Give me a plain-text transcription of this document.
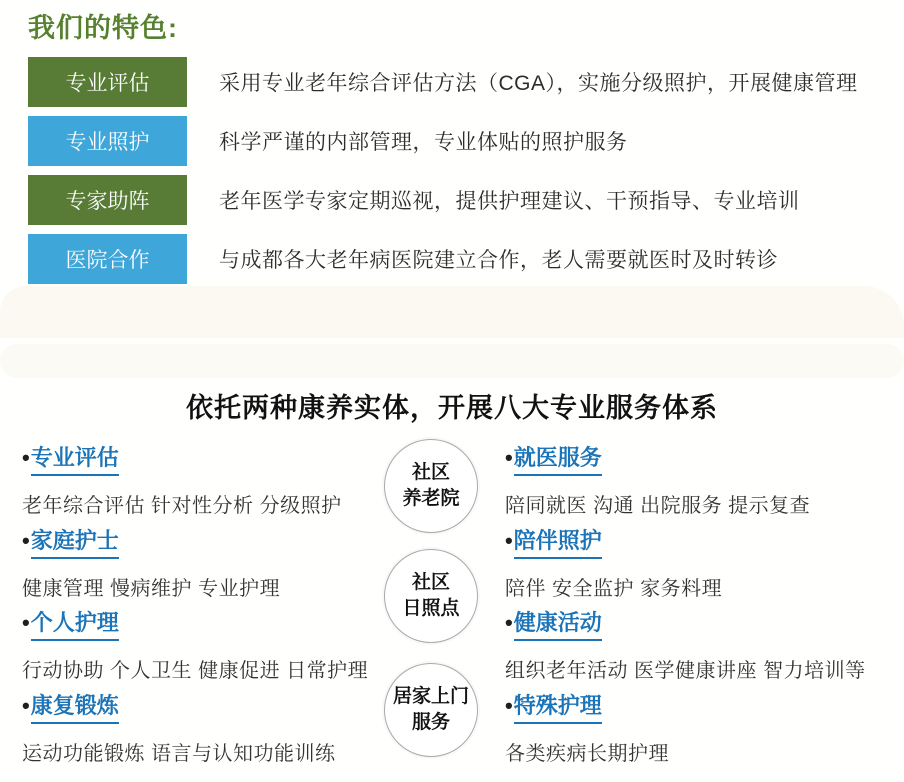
我们的特色:
专业评估	采用专业老年综合评估方法（CGA），实施分级照护，开展健康管理
专业照护	科学严谨的内部管理，专业体贴的照护服务
专家助阵	老年医学专家定期巡视，提供护理建议、干预指导、专业培训
医院合作	与成都各大老年病医院建立合作，老人需要就医时及时转诊
依托两种康养实体，开展八大专业服务体系
• 专业评估
老年综合评估 针对性分析 分级照护
• 家庭护士
健康管理 慢病维护 专业护理
• 个人护理
行动协助 个人卫生 健康促进 日常护理
• 康复锻炼
运动功能锻炼 语言与认知功能训练
社区
养老院
社区
日照点
居家上门
服务
• 就医服务
陪同就医 沟通 出院服务 提示复查
• 陪伴照护
陪伴 安全监护 家务料理
• 健康活动
组织老年活动 医学健康讲座 智力培训等
• 特殊护理
各类疾病长期护理
